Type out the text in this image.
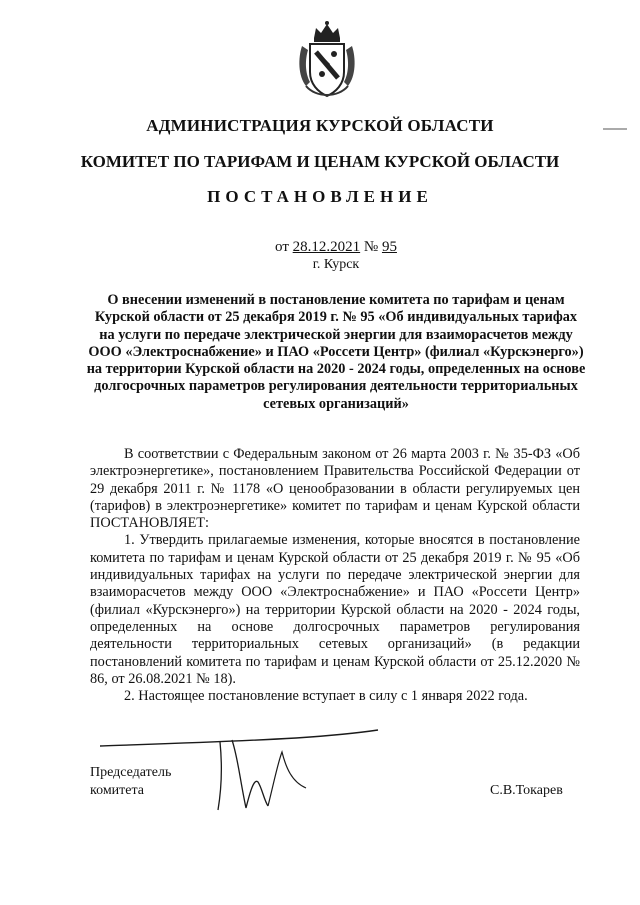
АДМИНИСТРАЦИЯ КУРСКОЙ ОБЛАСТИ
КОМИТЕТ ПО ТАРИФАМ И ЦЕНАМ КУРСКОЙ ОБЛАСТИ
ПОСТАНОВЛЕНИЕ
от 28.12.2021 № 95
г. Курск
О внесении изменений в постановление комитета по тарифам и ценам Курской области от 25 декабря 2019 г. № 95 «Об индивидуальных тарифах на услуги по передаче электрической энергии для взаиморасчетов между ООО «Электроснабжение» и ПАО «Россети Центр» (филиал «Курскэнерго») на территории Курской области на 2020 - 2024 годы, определенных на основе долгосрочных параметров регулирования деятельности территориальных сетевых организаций»

В соответствии с Федеральным законом от 26 марта 2003 г. № 35-ФЗ «Об электроэнергетике», постановлением Правительства Российской Федерации от 29 декабря 2011 г. № 1178 «О ценообразовании в области регулируемых цен (тарифов) в электроэнергетике» комитет по тарифам и ценам Курской области ПОСТАНОВЛЯЕТ:

1. Утвердить прилагаемые изменения, которые вносятся в постановление комитета по тарифам и ценам Курской области от 25 декабря 2019 г. № 95 «Об индивидуальных тарифах на услуги по передаче электрической энергии для взаиморасчетов между ООО «Электроснабжение» и ПАО «Россети Центр» (филиал «Курскэнерго») на территории Курской области на 2020 - 2024 годы, определенных на основе долгосрочных параметров регулирования деятельности территориальных сетевых организаций» (в редакции постановлений комитета по тарифам и ценам Курской области от 25.12.2020 № 86, от 26.08.2021 № 18).

2. Настоящее постановление вступает в силу с 1 января 2022 года.

Председатель
комитета	С.В.Токарев
